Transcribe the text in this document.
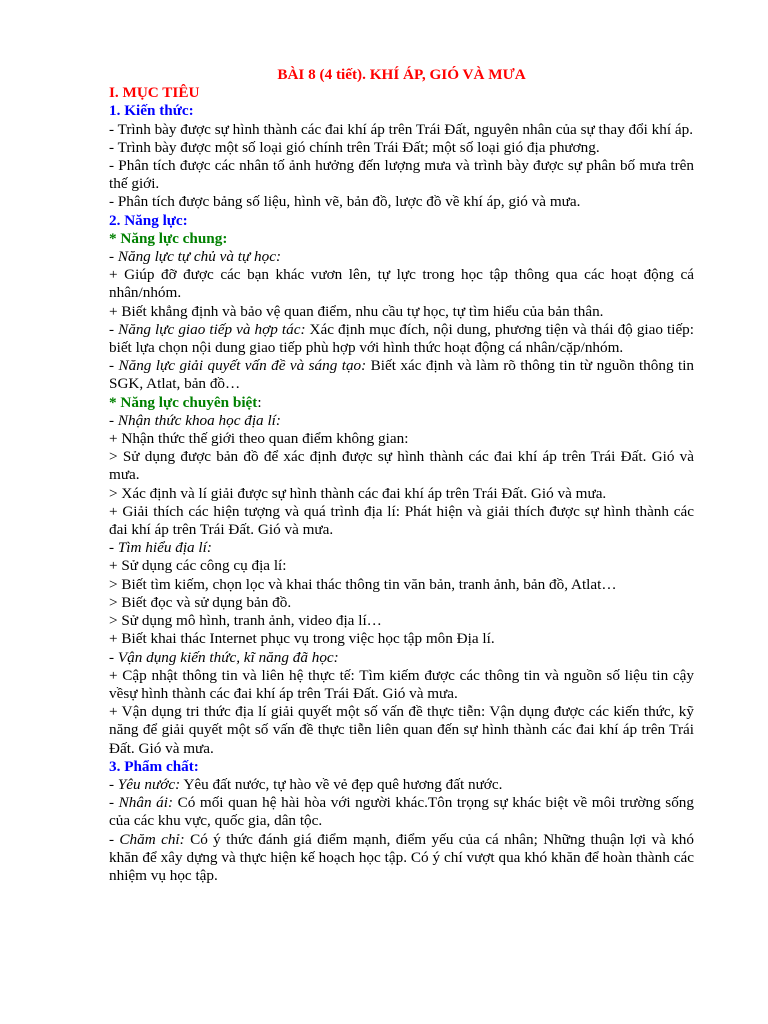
BÀI 8 (4 tiết). KHÍ ÁP, GIÓ VÀ MƯA

I. MỤC TIÊU

1. Kiến thức:

- Trình bày được sự hình thành các đai khí áp trên Trái Đất, nguyên nhân của sự thay đổi khí áp.

- Trình bày được một số loại gió chính trên Trái Đất; một số loại gió địa phương.

- Phân tích được các nhân tố ảnh hưởng đến lượng mưa và trình bày được sự phân bố mưa trên thế giới.

- Phân tích được bảng số liệu, hình vẽ, bản đồ, lược đồ về khí áp, gió và mưa.

2. Năng lực:

* Năng lực chung:

- Năng lực tự chủ và tự học:

+ Giúp đỡ được các bạn khác vươn lên, tự lực trong học tập thông qua các hoạt động cá nhân/nhóm.

+ Biết khẳng định và bảo vệ quan điểm, nhu cầu tự học, tự tìm hiểu của bản thân.

- Năng lực giao tiếp và hợp tác: Xác định mục đích, nội dung, phương tiện và thái độ giao tiếp: biết lựa chọn nội dung giao tiếp phù hợp với hình thức hoạt động cá nhân/cặp/nhóm.

- Năng lực giải quyết vấn đề và sáng tạo: Biết xác định và làm rõ thông tin từ nguồn thông tin SGK, Atlat, bản đồ…

* Năng lực chuyên biệt:

- Nhận thức khoa học địa lí:

+ Nhận thức thế giới theo quan điểm không gian:

> Sử dụng được bản đồ để xác định được sự hình thành các đai khí áp trên Trái Đất. Gió và mưa.

> Xác định và lí giải được sự hình thành các đai khí áp trên Trái Đất. Gió và mưa.

+ Giải thích các hiện tượng và quá trình địa lí: Phát hiện và giải thích được sự hình thành các đai khí áp trên Trái Đất. Gió và mưa.

- Tìm hiểu địa lí:

+ Sử dụng các công cụ địa lí:

> Biết tìm kiếm, chọn lọc và khai thác thông tin văn bản, tranh ảnh, bản đồ, Atlat…

> Biết đọc và sử dụng bản đồ.

> Sử dụng mô hình, tranh ảnh, video địa lí…

+ Biết khai thác Internet phục vụ trong việc học tập môn Địa lí.

- Vận dụng kiến thức, kĩ năng đã học:

+ Cập nhật thông tin và liên hệ thực tế: Tìm kiếm được các thông tin và nguồn số liệu tin cậy vềsự hình thành các đai khí áp trên Trái Đất. Gió và mưa.

+ Vận dụng tri thức địa lí giải quyết một số vấn đề thực tiễn: Vận dụng được các kiến thức, kỹ năng để giải quyết một số vấn đề thực tiễn liên quan đến sự hình thành các đai khí áp trên Trái Đất. Gió và mưa.

3. Phẩm chất:

- Yêu nước: Yêu đất nước, tự hào về vẻ đẹp quê hương đất nước.

- Nhân ái: Có mối quan hệ hài hòa với người khác.Tôn trọng sự khác biệt về môi trường sống của các khu vực, quốc gia, dân tộc.

- Chăm chỉ: Có ý thức đánh giá điểm mạnh, điểm yếu của cá nhân; Những thuận lợi và khó khăn để xây dựng và thực hiện kế hoạch học tập. Có ý chí vượt qua khó khăn để hoàn thành các nhiệm vụ học tập.
